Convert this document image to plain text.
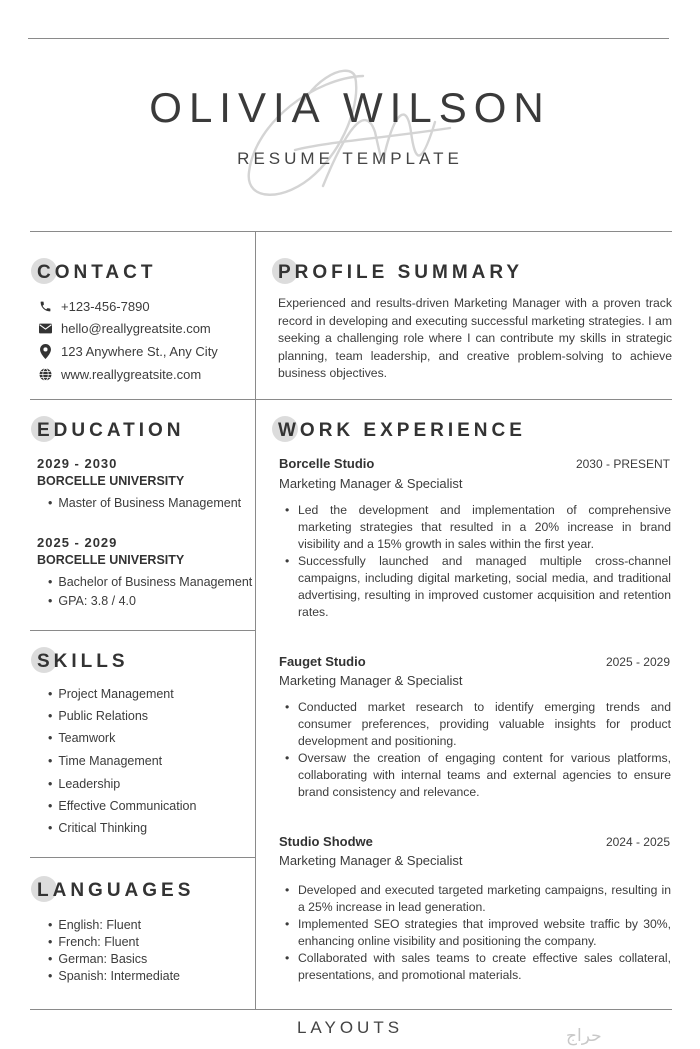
OLIVIA WILSON
RESUME TEMPLATE
CONTACT
+123-456-7890
hello@reallygreatsite.com
123 Anywhere St., Any City
www.reallygreatsite.com
PROFILE SUMMARY
Experienced and results-driven Marketing Manager with a proven track record in developing and executing successful marketing strategies. I am seeking a challenging role where I can contribute my skills in strategic planning, team leadership, and creative problem-solving to achieve business objectives.
EDUCATION
2029 - 2030
BORCELLE UNIVERSITY
• Master of Business Management
2025 - 2029
BORCELLE UNIVERSITY
• Bachelor of Business Management
• GPA: 3.8 / 4.0
SKILLS
• Project Management
• Public Relations
• Teamwork
• Time Management
• Leadership
• Effective Communication
• Critical Thinking
LANGUAGES
• English: Fluent
• French: Fluent
• German: Basics
• Spanish: Intermediate
WORK EXPERIENCE
Borcelle Studio	2030 - PRESENT
Marketing Manager & Specialist
• Led the development and implementation of comprehensive marketing strategies that resulted in a 20% increase in brand visibility and a 15% growth in sales within the first year.
• Successfully launched and managed multiple cross-channel campaigns, including digital marketing, social media, and traditional advertising, resulting in improved customer acquisition and retention rates.
Fauget Studio	2025 - 2029
Marketing Manager & Specialist
• Conducted market research to identify emerging trends and consumer preferences, providing valuable insights for product development and positioning.
• Oversaw the creation of engaging content for various platforms, collaborating with internal teams and external agencies to ensure brand consistency and relevance.
Studio Shodwe	2024 - 2025
Marketing Manager & Specialist
• Developed and executed targeted marketing campaigns, resulting in a 25% increase in lead generation.
• Implemented SEO strategies that improved website traffic by 30%, enhancing online visibility and positioning the company.
• Collaborated with sales teams to create effective sales collateral, presentations, and promotional materials.
LAYOUTS	حراج
